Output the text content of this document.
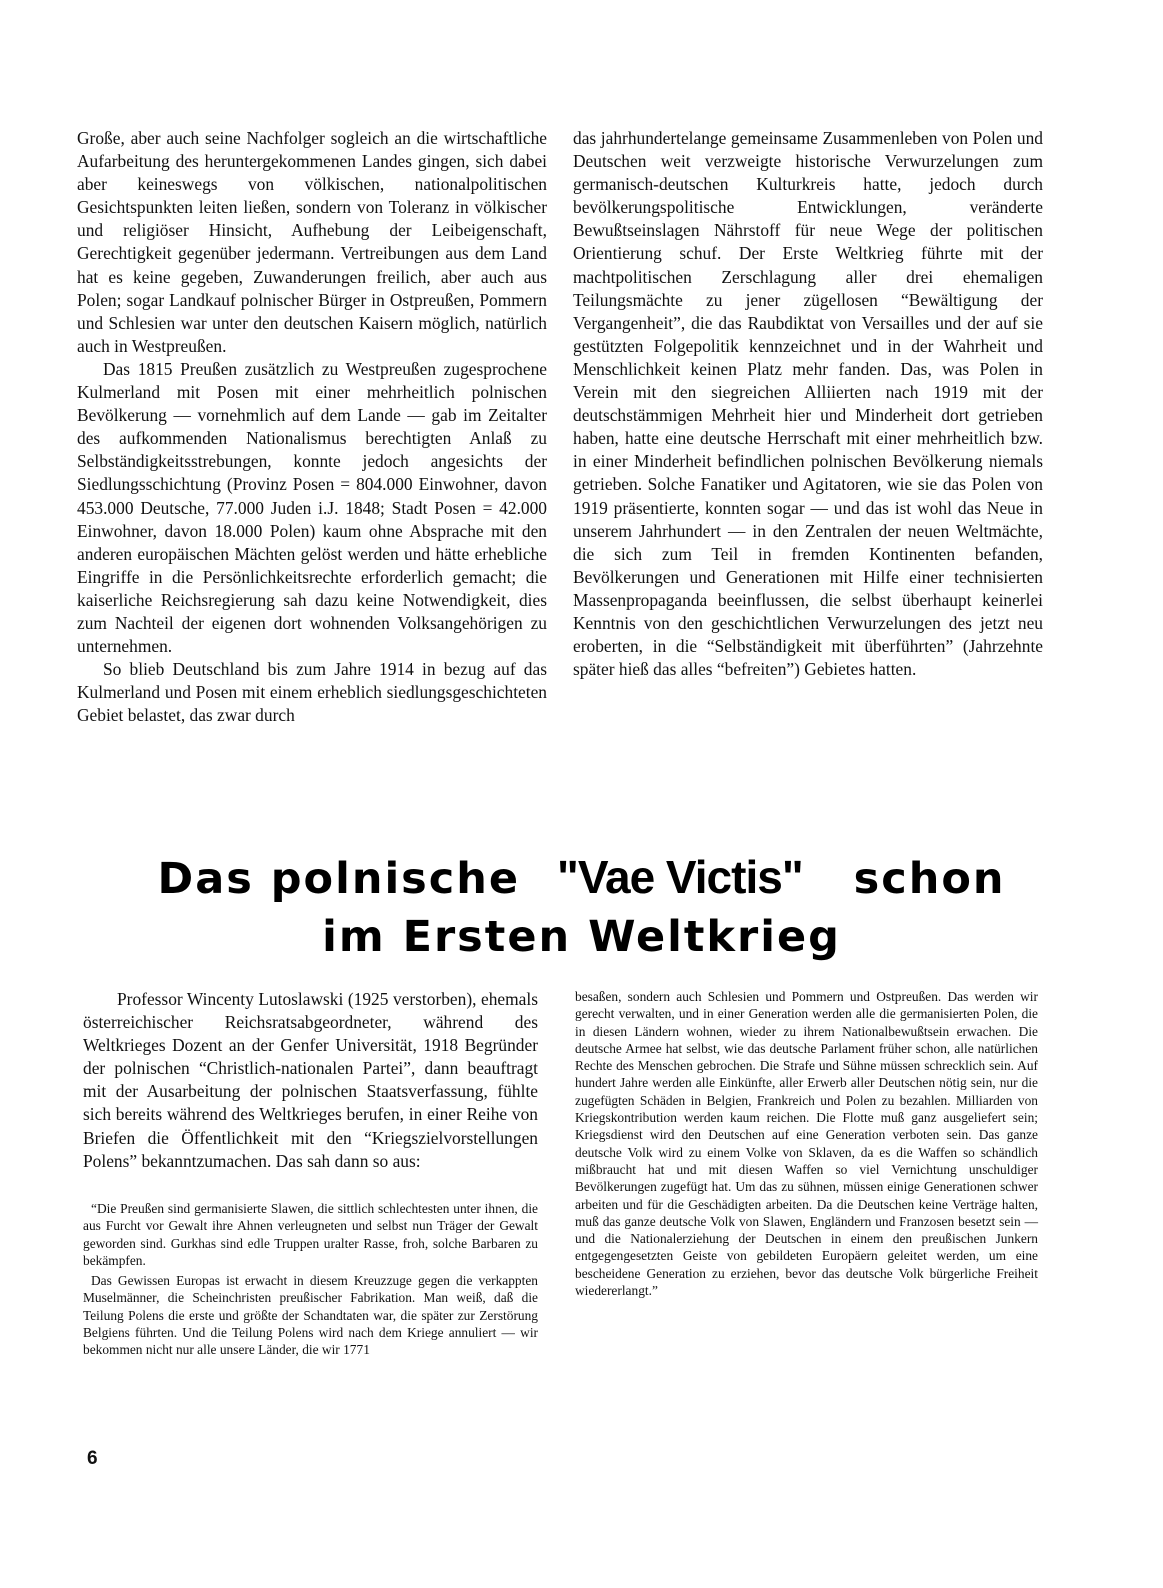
Große, aber auch seine Nachfolger sogleich an die wirtschaftliche Aufarbeitung des heruntergekommenen Landes gingen, sich dabei aber keineswegs von völkischen, nationalpolitischen Gesichtspunkten leiten ließen, sondern von Toleranz in völkischer und religiöser Hinsicht, Aufhebung der Leibeigenschaft, Gerechtigkeit gegenüber jedermann. Vertreibungen aus dem Land hat es keine gegeben, Zuwanderungen freilich, aber auch aus Polen; sogar Landkauf polnischer Bürger in Ostpreußen, Pommern und Schlesien war unter den deutschen Kaisern möglich, natürlich auch in Westpreußen.

Das 1815 Preußen zusätzlich zu Westpreußen zugesprochene Kulmerland mit Posen mit einer mehrheitlich polnischen Bevölkerung — vornehmlich auf dem Lande — gab im Zeitalter des aufkommenden Nationalismus berechtigten Anlaß zu Selbständigkeitsstrebungen, konnte jedoch angesichts der Siedlungsschichtung (Provinz Posen = 804.000 Einwohner, davon 453.000 Deutsche, 77.000 Juden i.J. 1848; Stadt Posen = 42.000 Einwohner, davon 18.000 Polen) kaum ohne Absprache mit den anderen europäischen Mächten gelöst werden und hätte erhebliche Eingriffe in die Persönlichkeitsrechte erforderlich gemacht; die kaiserliche Reichsregierung sah dazu keine Notwendigkeit, dies zum Nachteil der eigenen dort wohnenden Volksangehörigen zu unternehmen.

So blieb Deutschland bis zum Jahre 1914 in bezug auf das Kulmerland und Posen mit einem erheblich siedlungsgeschichteten Gebiet belastet, das zwar durch

das jahrhundertelange gemeinsame Zusammenleben von Polen und Deutschen weit verzweigte historische Verwurzelungen zum germanisch-deutschen Kulturkreis hatte, jedoch durch bevölkerungspolitische Entwicklungen, veränderte Bewußtseinslagen Nährstoff für neue Wege der politischen Orientierung schuf. Der Erste Weltkrieg führte mit der machtpolitischen Zerschlagung aller drei ehemaligen Teilungsmächte zu jener zügellosen “Bewältigung der Vergangenheit”, die das Raubdiktat von Versailles und der auf sie gestützten Folgepolitik kennzeichnet und in der Wahrheit und Menschlichkeit keinen Platz mehr fanden. Das, was Polen in Verein mit den siegreichen Alliierten nach 1919 mit der deutschstämmigen Mehrheit hier und Minderheit dort getrieben haben, hatte eine deutsche Herrschaft mit einer mehrheitlich bzw. in einer Minderheit befindlichen polnischen Bevölkerung niemals getrieben. Solche Fanatiker und Agitatoren, wie sie das Polen von 1919 präsentierte, konnten sogar — und das ist wohl das Neue in unserem Jahrhundert — in den Zentralen der neuen Weltmächte, die sich zum Teil in fremden Kontinenten befanden, Bevölkerungen und Generationen mit Hilfe einer technisierten Massenpropaganda beeinflussen, die selbst überhaupt keinerlei Kenntnis von den geschichtlichen Verwurzelungen des jetzt neu eroberten, in die “Selbständigkeit mit überführten” (Jahrzehnte später hieß das alles “befreiten”) Gebietes hatten.

Das polnische "Vae Victis" schon
im Ersten Weltkrieg

Professor Wincenty Lutoslawski (1925 verstorben), ehemals österreichischer Reichsratsabgeordneter, während des Weltkrieges Dozent an der Genfer Universität, 1918 Begründer der polnischen “Christlich-nationalen Partei”, dann beauftragt mit der Ausarbeitung der polnischen Staatsverfassung, fühlte sich bereits während des Weltkrieges berufen, in einer Reihe von Briefen die Öffentlichkeit mit den “Kriegszielvorstellungen Polens” bekanntzumachen. Das sah dann so aus:

“Die Preußen sind germanisierte Slawen, die sittlich schlechtesten unter ihnen, die aus Furcht vor Gewalt ihre Ahnen verleugneten und selbst nun Träger der Gewalt geworden sind. Gurkhas sind edle Truppen uralter Rasse, froh, solche Barbaren zu bekämpfen.

Das Gewissen Europas ist erwacht in diesem Kreuzzuge gegen die verkappten Muselmänner, die Scheinchristen preußischer Fabrikation. Man weiß, daß die Teilung Polens die erste und größte der Schandtaten war, die später zur Zerstörung Belgiens führten. Und die Teilung Polens wird nach dem Kriege annuliert — wir bekommen nicht nur alle unsere Länder, die wir 1771

besaßen, sondern auch Schlesien und Pommern und Ostpreußen. Das werden wir gerecht verwalten, und in einer Generation werden alle die germanisierten Polen, die in diesen Ländern wohnen, wieder zu ihrem Nationalbewußtsein erwachen. Die deutsche Armee hat selbst, wie das deutsche Parlament früher schon, alle natürlichen Rechte des Menschen gebrochen. Die Strafe und Sühne müssen schrecklich sein. Auf hundert Jahre werden alle Einkünfte, aller Erwerb aller Deutschen nötig sein, nur die zugefügten Schäden in Belgien, Frankreich und Polen zu bezahlen. Milliarden von Kriegskontribution werden kaum reichen. Die Flotte muß ganz ausgeliefert sein; Kriegsdienst wird den Deutschen auf eine Generation verboten sein. Das ganze deutsche Volk wird zu einem Volke von Sklaven, da es die Waffen so schändlich mißbraucht hat und mit diesen Waffen so viel Vernichtung unschuldiger Bevölkerungen zugefügt hat. Um das zu sühnen, müssen einige Generationen schwer arbeiten und für die Geschädigten arbeiten. Da die Deutschen keine Verträge halten, muß das ganze deutsche Volk von Slawen, Engländern und Franzosen besetzt sein — und die Nationalerziehung der Deutschen in einem den preußischen Junkern entgegengesetzten Geiste von gebildeten Europäern geleitet werden, um eine bescheidene Generation zu erziehen, bevor das deutsche Volk bürgerliche Freiheit wiedererlangt.”

6
